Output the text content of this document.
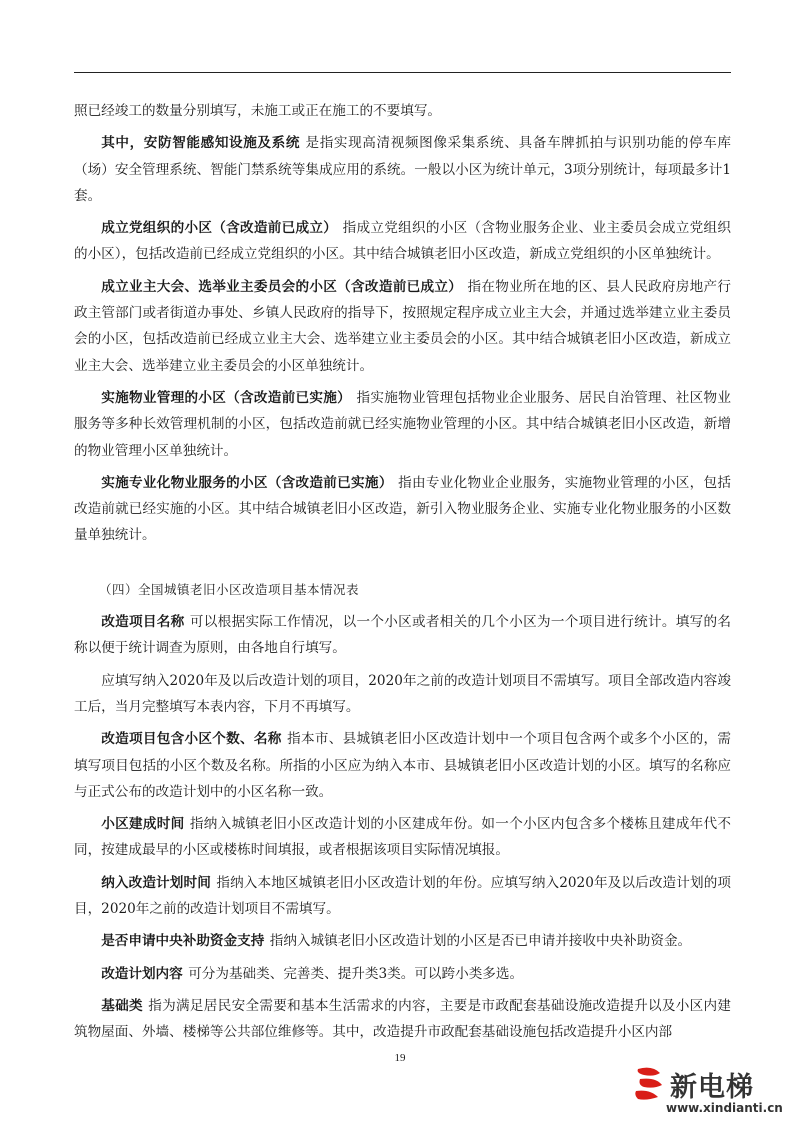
照已经竣工的数量分别填写，未施工或正在施工的不要填写。

其中，安防智能感知设施及系统 是指实现高清视频图像采集系统、具备车牌抓拍与识别功能的停车库（场）安全管理系统、智能门禁系统等集成应用的系统。一般以小区为统计单元，3项分别统计，每项最多计1套。

成立党组织的小区（含改造前已成立） 指成立党组织的小区（含物业服务企业、业主委员会成立党组织的小区），包括改造前已经成立党组织的小区。其中结合城镇老旧小区改造，新成立党组织的小区单独统计。

成立业主大会、选举业主委员会的小区（含改造前已成立） 指在物业所在地的区、县人民政府房地产行政主管部门或者街道办事处、乡镇人民政府的指导下，按照规定程序成立业主大会，并通过选举建立业主委员会的小区，包括改造前已经成立业主大会、选举建立业主委员会的小区。其中结合城镇老旧小区改造，新成立业主大会、选举建立业主委员会的小区单独统计。

实施物业管理的小区（含改造前已实施） 指实施物业管理包括物业企业服务、居民自治管理、社区物业服务等多种长效管理机制的小区，包括改造前就已经实施物业管理的小区。其中结合城镇老旧小区改造，新增的物业管理小区单独统计。

实施专业化物业服务的小区（含改造前已实施） 指由专业化物业企业服务，实施物业管理的小区，包括改造前就已经实施的小区。其中结合城镇老旧小区改造，新引入物业服务企业、实施专业化物业服务的小区数量单独统计。

（四）全国城镇老旧小区改造项目基本情况表

改造项目名称 可以根据实际工作情况，以一个小区或者相关的几个小区为一个项目进行统计。填写的名称以便于统计调查为原则，由各地自行填写。

应填写纳入2020年及以后改造计划的项目，2020年之前的改造计划项目不需填写。项目全部改造内容竣工后，当月完整填写本表内容，下月不再填写。

改造项目包含小区个数、名称 指本市、县城镇老旧小区改造计划中一个项目包含两个或多个小区的，需填写项目包括的小区个数及名称。所指的小区应为纳入本市、县城镇老旧小区改造计划的小区。填写的名称应与正式公布的改造计划中的小区名称一致。

小区建成时间 指纳入城镇老旧小区改造计划的小区建成年份。如一个小区内包含多个楼栋且建成年代不同，按建成最早的小区或楼栋时间填报，或者根据该项目实际情况填报。

纳入改造计划时间 指纳入本地区城镇老旧小区改造计划的年份。应填写纳入2020年及以后改造计划的项目，2020年之前的改造计划项目不需填写。

是否申请中央补助资金支持 指纳入城镇老旧小区改造计划的小区是否已申请并接收中央补助资金。

改造计划内容 可分为基础类、完善类、提升类3类。可以跨小类多选。

基础类 指为满足居民安全需要和基本生活需求的内容，主要是市政配套基础设施改造提升以及小区内建筑物屋面、外墙、楼梯等公共部位维修等。其中，改造提升市政配套基础设施包括改造提升小区内部

19
新电梯
www.xindianti.cn
